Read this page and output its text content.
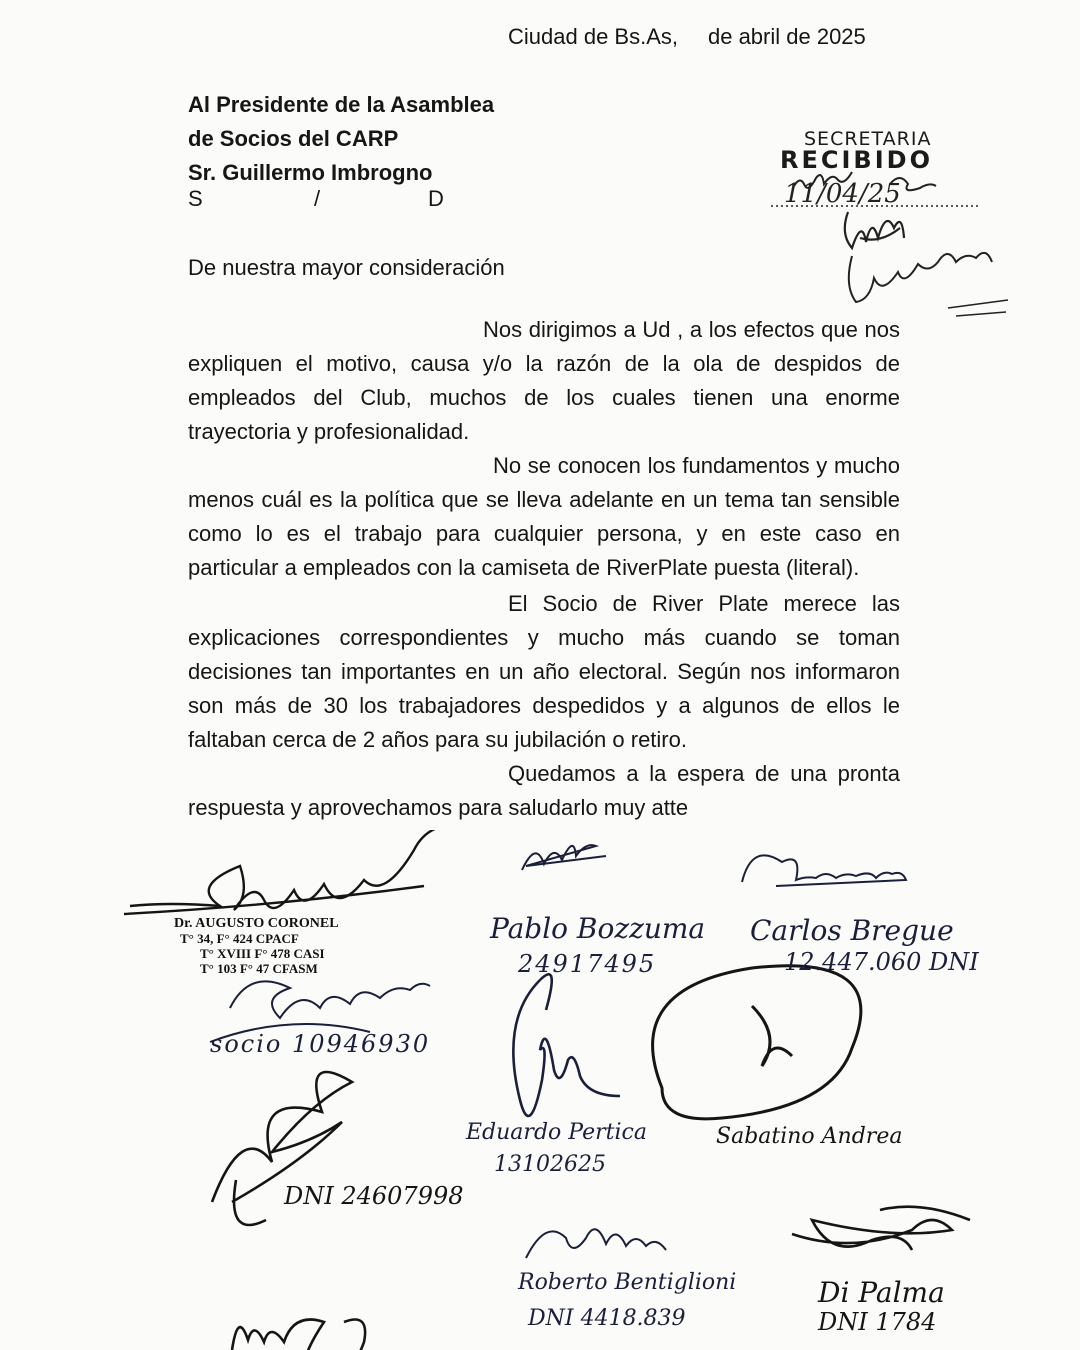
Ciudad de Bs.As, de abril de 2025
Al Presidente de la Asamblea
de Socios del CARP
Sr. Guillermo Imbrogno
S	/	D
SECRETARIA
RECIBIDO
11/04/25
De nuestra mayor consideración

Nos dirigimos a Ud , a los efectos que nos expliquen el motivo, causa y/o la razón de la ola de despidos de empleados del Club, muchos de los cuales tienen una enorme trayectoria y profesionalidad.

No se conocen los fundamentos y mucho menos cuál es la política que se lleva adelante en un tema tan sensible como lo es el trabajo para cualquier persona, y en este caso en particular a empleados con la camiseta de RiverPlate puesta (literal).

El Socio de River Plate merece las explicaciones correspondientes y mucho más cuando se toman decisiones tan importantes en un año electoral. Según nos informaron son más de 30 los trabajadores despedidos y a algunos de ellos le faltaban cerca de 2 años para su jubilación o retiro.

Quedamos a la espera de una pronta respuesta y aprovechamos para saludarlo muy atte

Dr. AUGUSTO CORONEL
T° 34, F° 424 CPACF
T° XVIII F° 478 CASI
T° 103 F° 47 CFASM
Pablo Bozzuma
24917495
Carlos Bregue
12.447.060 DNI
socio 10946930
Eduardo Pertica
13102625
Sabatino Andrea
DNI 24607998
Roberto Bentiglioni
DNI 4418.839
Di Palma
DNI 1784
